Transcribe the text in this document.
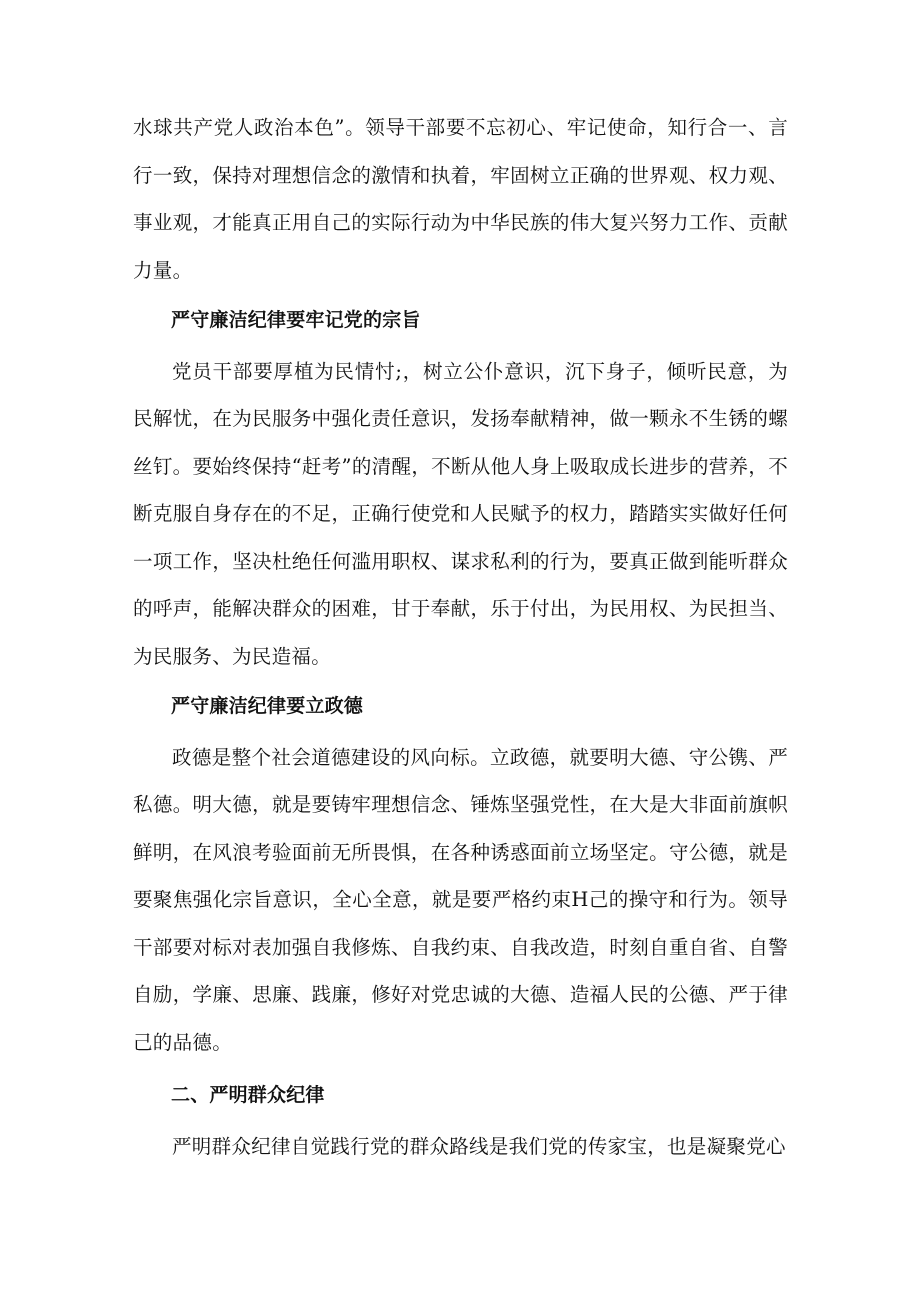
水球共产党人政治本色”。领导干部要不忘初心、牢记使命，知行合一、言行一致，保持对理想信念的激情和执着，牢固树立正确的世界观、权力观、事业观，才能真正用自己的实际行动为中华民族的伟大复兴努力工作、贡献力量。

严守廉洁纪律要牢记党的宗旨

党员干部要厚植为民情忖;，树立公仆意识，沉下身子，倾听民意，为民解忧，在为民服务中强化责任意识，发扬奉献精神，做一颗永不生锈的螺丝钉。要始终保持“赶考”的清醒，不断从他人身上吸取成长进步的营养，不断克服自身存在的不足，正确行使党和人民赋予的权力，踏踏实实做好任何一项工作，坚决杜绝任何滥用职权、谋求私利的行为，要真正做到能听群众的呼声，能解决群众的困难，甘于奉献，乐于付出，为民用权、为民担当、为民服务、为民造福。

严守廉洁纪律要立政德

政德是整个社会道德建设的风向标。立政德，就要明大德、守公镌、严私德。明大德，就是要铸牢理想信念、锤炼坚强党性，在大是大非面前旗帜鲜明，在风浪考验面前无所畏惧，在各种诱惑面前立场坚定。守公德，就是要聚焦强化宗旨意识，全心全意，就是要严格约束H己的操守和行为。领导干部要对标对表加强自我修炼、自我约束、自我改造，时刻自重自省、自警自励，学廉、思廉、践廉，修好对党忠诚的大德、造福人民的公德、严于律己的品德。

二、严明群众纪律

严明群众纪律自觉践行党的群众路线是我们党的传家宝，也是凝聚党心
